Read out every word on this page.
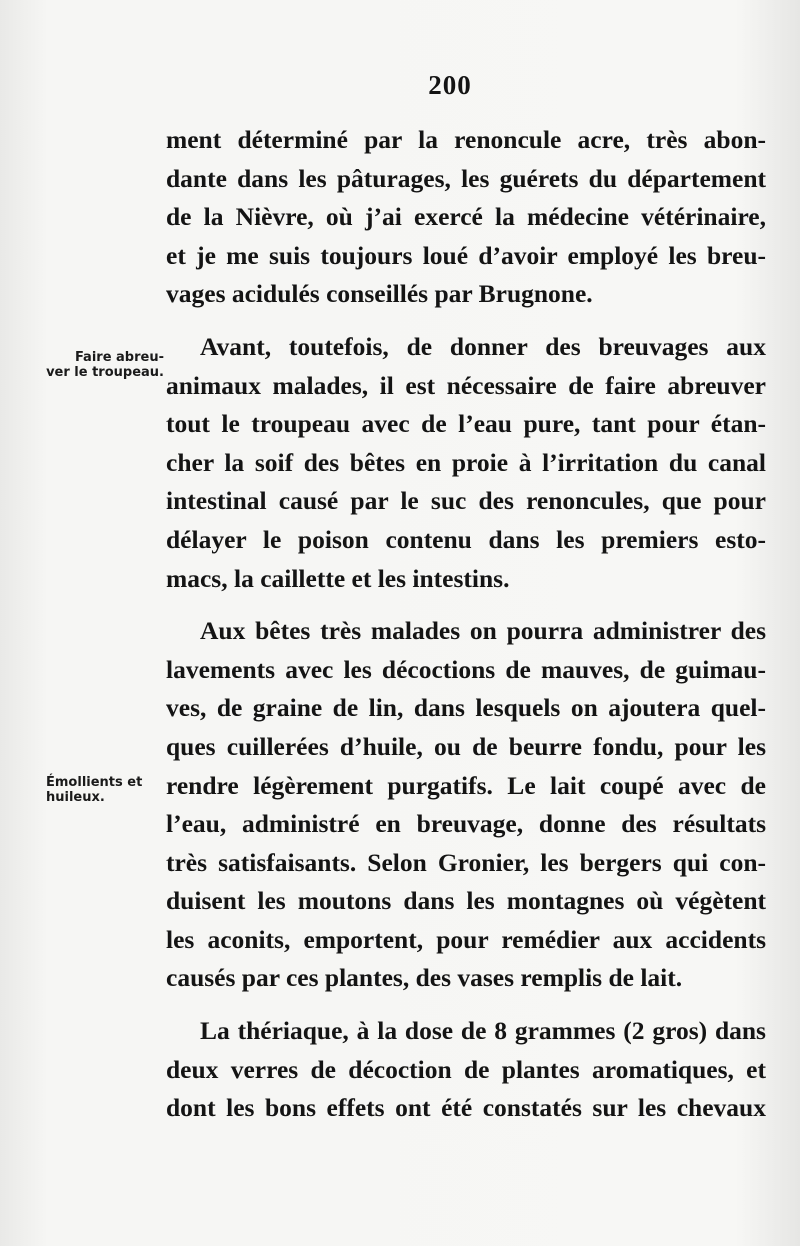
200
Faire abreu-
ver le troupeau.
Émollients et
huileux.

ment déterminé par la renoncule acre, très abon-
dante dans les pâturages, les guérets du département
de la Nièvre, où j’ai exercé la médecine vétérinaire,
et je me suis toujours loué d’avoir employé les breu-
vages acidulés conseillés par Brugnone.

Avant, toutefois, de donner des breuvages aux
animaux malades, il est nécessaire de faire abreuver
tout le troupeau avec de l’eau pure, tant pour étan-
cher la soif des bêtes en proie à l’irritation du canal
intestinal causé par le suc des renoncules, que pour
délayer le poison contenu dans les premiers esto-
macs, la caillette et les intestins.

Aux bêtes très malades on pourra administrer des
lavements avec les décoctions de mauves, de guimau-
ves, de graine de lin, dans lesquels on ajoutera quel-
ques cuillerées d’huile, ou de beurre fondu, pour les
rendre légèrement purgatifs. Le lait coupé avec de
l’eau, administré en breuvage, donne des résultats
très satisfaisants. Selon Gronier, les bergers qui con-
duisent les moutons dans les montagnes où végètent
les aconits, emportent, pour remédier aux accidents
causés par ces plantes, des vases remplis de lait.

La thériaque, à la dose de 8 grammes (2 gros) dans
deux verres de décoction de plantes aromatiques, et
dont les bons effets ont été constatés sur les chevaux
